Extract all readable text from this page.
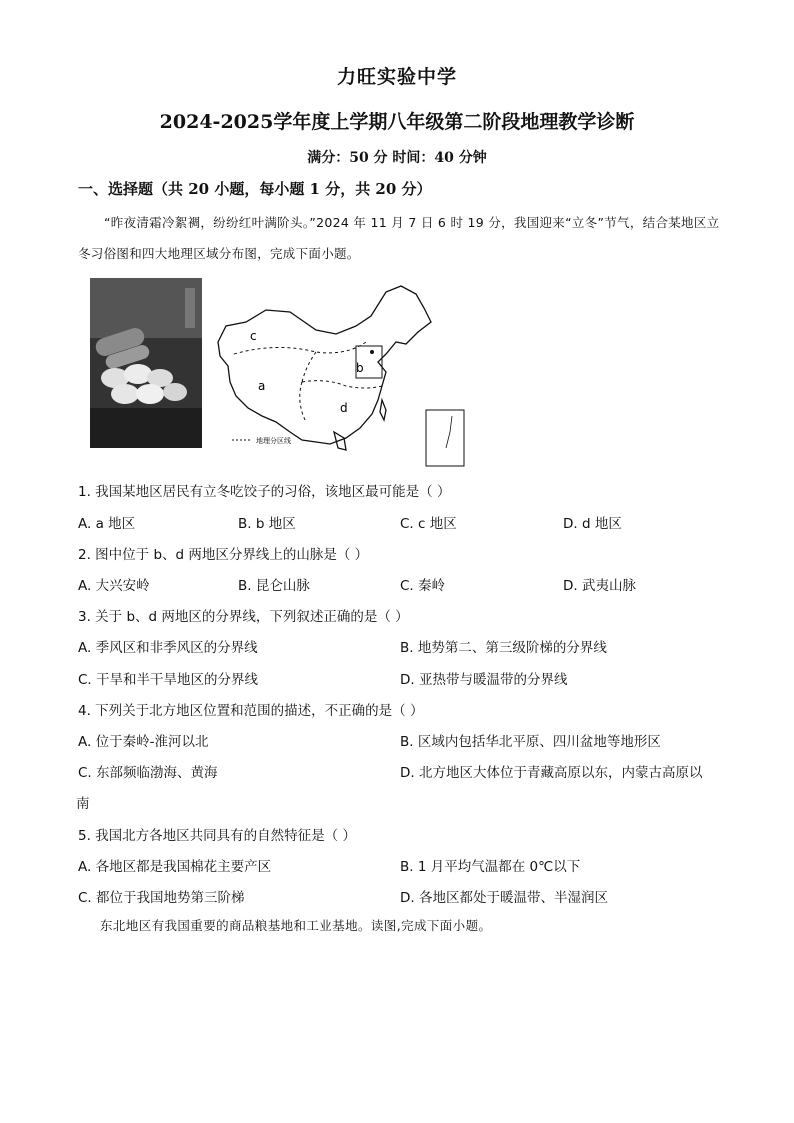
力旺实验中学
2024-2025学年度上学期八年级第二阶段地理教学诊断
满分：50 分 时间：40 分钟
一、选择题（共 20 小题，每小题 1 分，共 20 分）
“昨夜清霜冷絮裯，纷纷红叶满阶头。”2024 年 11 月 7 日 6 时 19 分，我国迎来“立冬”节气，结合某地区立冬习俗图和四大地理区域分布图，完成下面小题。
c
a
b
d
地理分区线
1. 我国某地区居民有立冬吃饺子的习俗，该地区最可能是（ ）
A. a 地区	B. b 地区	C. c 地区	D. d 地区
2. 图中位于 b、d 两地区分界线上的山脉是（ ）
A. 大兴安岭	B. 昆仑山脉	C. 秦岭	D. 武夷山脉
3. 关于 b、d 两地区的分界线，下列叙述正确的是（ ）
A. 季风区和非季风区的分界线	B. 地势第二、第三级阶梯的分界线
C. 干旱和半干旱地区的分界线	D. 亚热带与暖温带的分界线
4. 下列关于北方地区位置和范围的描述，不正确的是（ ）
A. 位于秦岭-淮河以北	B. 区域内包括华北平原、四川盆地等地形区
C. 东部频临渤海、黄海	D. 北方地区大体位于青藏高原以东，内蒙古高原以
南
5. 我国北方各地区共同具有的自然特征是（ ）
A. 各地区都是我国棉花主要产区	B. 1 月平均气温都在 0℃以下
C. 都位于我国地势第三阶梯	D. 各地区都处于暖温带、半湿润区
东北地区有我国重要的商品粮基地和工业基地。读图,完成下面小题。
